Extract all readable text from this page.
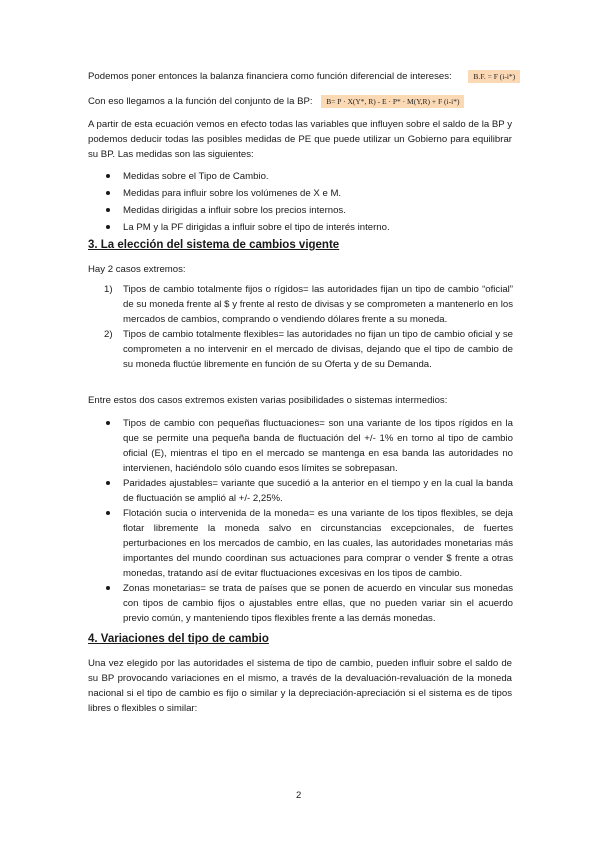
Podemos poner entonces la balanza financiera como función diferencial de intereses:	B.F. = F (i-i*)
Con eso llegamos a la función del conjunto de la BP: B= P · X(Y*, R) - E · P* · M(Y,R) + F (i-i*)
A partir de esta ecuación vemos en efecto todas las variables que influyen sobre el saldo de la BP y podemos deducir todas las posibles medidas de PE que puede utilizar un Gobierno para equilibrar su BP. Las medidas son las siguientes:
Medidas sobre el Tipo de Cambio.
Medidas para influir sobre los volúmenes de X e M.
Medidas dirigidas a influir sobre los precios internos.
La PM y la PF dirigidas a influir sobre el tipo de interés interno.
3. La elección del sistema de cambios vigente
Hay 2 casos extremos:
1) Tipos de cambio totalmente fijos o rígidos= las autoridades fijan un tipo de cambio “oficial” de su moneda frente al $ y frente al resto de divisas y se comprometen a mantenerlo en los mercados de cambios, comprando o vendiendo dólares frente a su moneda.
2) Tipos de cambio totalmente flexibles= las autoridades no fijan un tipo de cambio oficial y se comprometen a no intervenir en el mercado de divisas, dejando que el tipo de cambio de su moneda fluctúe libremente en función de su Oferta y de su Demanda.
Entre estos dos casos extremos existen varias posibilidades o sistemas intermedios:
Tipos de cambio con pequeñas fluctuaciones= son una variante de los tipos rígidos en la que se permite una pequeña banda de fluctuación del +/- 1% en torno al tipo de cambio oficial (E), mientras el tipo en el mercado se mantenga en esa banda las autoridades no intervienen, haciéndolo sólo cuando esos límites se sobrepasan.
Paridades ajustables= variante que sucedió a la anterior en el tiempo y en la cual la banda de fluctuación se amplió al +/- 2,25%.
Flotación sucia o intervenida de la moneda= es una variante de los tipos flexibles, se deja flotar libremente la moneda salvo en circunstancias excepcionales, de fuertes perturbaciones en los mercados de cambio, en las cuales, las autoridades monetarias más importantes del mundo coordinan sus actuaciones para comprar o vender $ frente a otras monedas, tratando así de evitar fluctuaciones excesivas en los tipos de cambio.
Zonas monetarias= se trata de países que se ponen de acuerdo en vincular sus monedas con tipos de cambio fijos o ajustables entre ellas, que no pueden variar sin el acuerdo previo común, y manteniendo tipos flexibles frente a las demás monedas.
4. Variaciones del tipo de cambio
Una vez elegido por las autoridades el sistema de tipo de cambio, pueden influir sobre el saldo de su BP provocando variaciones en el mismo, a través de la devaluación-revaluación de la moneda nacional si el tipo de cambio es fijo o similar y la depreciación-apreciación si el sistema es de tipos libres o flexibles o similar:
2
